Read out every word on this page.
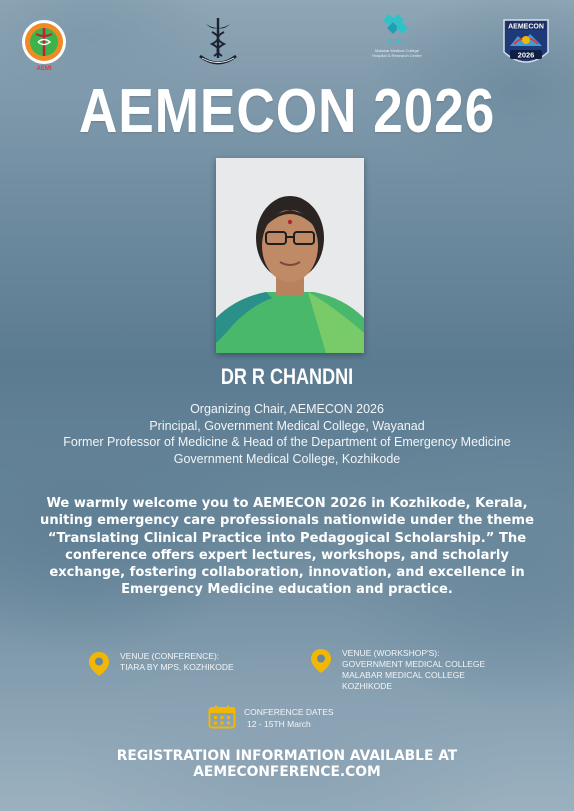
AEMI
mmc
Malabar Medical College
Hospital & Research Centre
AEMECON
2026
AEMECON 2026
DR R CHANDNI
Organizing Chair, AEMECON 2026
Principal, Government Medical College, Wayanad
Former Professor of Medicine & Head of the Department of Emergency Medicine
Government Medical College, Kozhikode
We warmly welcome you to AEMECON 2026 in Kozhikode, Kerala, uniting emergency care professionals nationwide under the theme “Translating Clinical Practice into Pedagogical Scholarship.” The conference offers expert lectures, workshops, and scholarly exchange, fostering collaboration, innovation, and excellence in Emergency Medicine education and practice.
VENUE (CONFERENCE):
TIARA BY MPS, KOZHIKODE
VENUE (WORKSHOP'S):
GOVERNMENT MEDICAL COLLEGE
MALABAR MEDICAL COLLEGE
KOZHIKODE
CONFERENCE DATES
12 - 15TH March
REGISTRATION INFORMATION AVAILABLE AT
AEMECONFERENCE.COM
